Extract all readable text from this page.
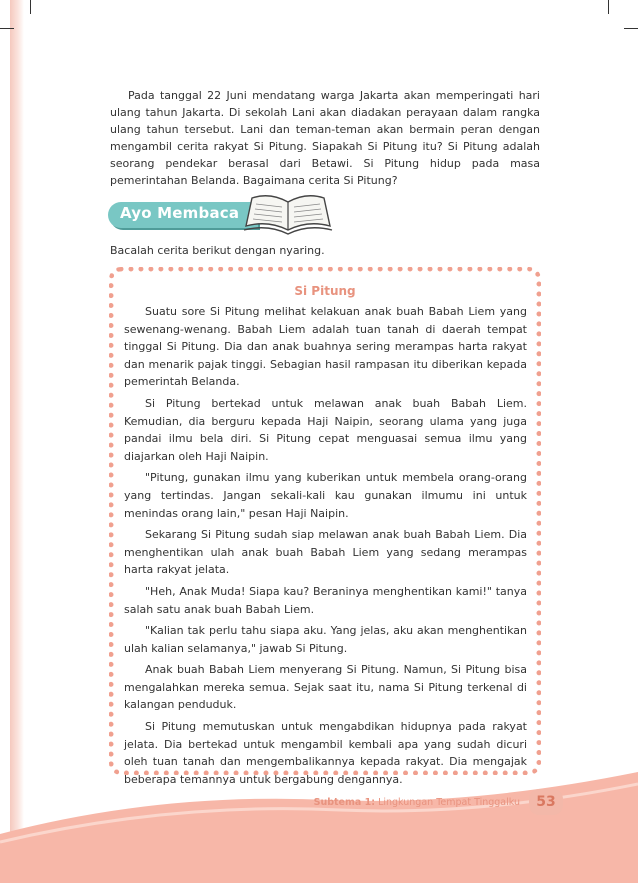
Pada tanggal 22 Juni mendatang warga Jakarta akan memperingati hari ulang tahun Jakarta. Di sekolah Lani akan diadakan perayaan dalam rangka ulang tahun tersebut. Lani dan teman-teman akan bermain peran dengan mengambil cerita rakyat Si Pitung. Siapakah Si Pitung itu? Si Pitung adalah seorang pendekar berasal dari Betawi. Si Pitung hidup pada masa pemerintahan Belanda. Bagaimana cerita Si Pitung?

Ayo Membaca

Bacalah cerita berikut dengan nyaring.

Si Pitung

Suatu sore Si Pitung melihat kelakuan anak buah Babah Liem yang sewenang-wenang. Babah Liem adalah tuan tanah di daerah tempat tinggal Si Pitung. Dia dan anak buahnya sering merampas harta rakyat dan menarik pajak tinggi. Sebagian hasil rampasan itu diberikan kepada pemerintah Belanda.

Si Pitung bertekad untuk melawan anak buah Babah Liem. Kemudian, dia berguru kepada Haji Naipin, seorang ulama yang juga pandai ilmu bela diri. Si Pitung cepat menguasai semua ilmu yang diajarkan oleh Haji Naipin.

"Pitung, gunakan ilmu yang kuberikan untuk membela orang-orang yang tertindas. Jangan sekali-kali kau gunakan ilmumu ini untuk menindas orang lain," pesan Haji Naipin.

Sekarang Si Pitung sudah siap melawan anak buah Babah Liem. Dia menghentikan ulah anak buah Babah Liem yang sedang merampas harta rakyat jelata.

"Heh, Anak Muda! Siapa kau? Beraninya menghentikan kami!" tanya salah satu anak buah Babah Liem.

"Kalian tak perlu tahu siapa aku. Yang jelas, aku akan menghentikan ulah kalian selamanya," jawab Si Pitung.

Anak buah Babah Liem menyerang Si Pitung. Namun, Si Pitung bisa mengalahkan mereka semua. Sejak saat itu, nama Si Pitung terkenal di kalangan penduduk.

Si Pitung memutuskan untuk mengabdikan hidupnya pada rakyat jelata. Dia bertekad untuk mengambil kembali apa yang sudah dicuri oleh tuan tanah dan mengembalikannya kepada rakyat. Dia mengajak beberapa temannya untuk bergabung dengannya.

Subtema 1: Lingkungan Tempat Tinggalku	53
